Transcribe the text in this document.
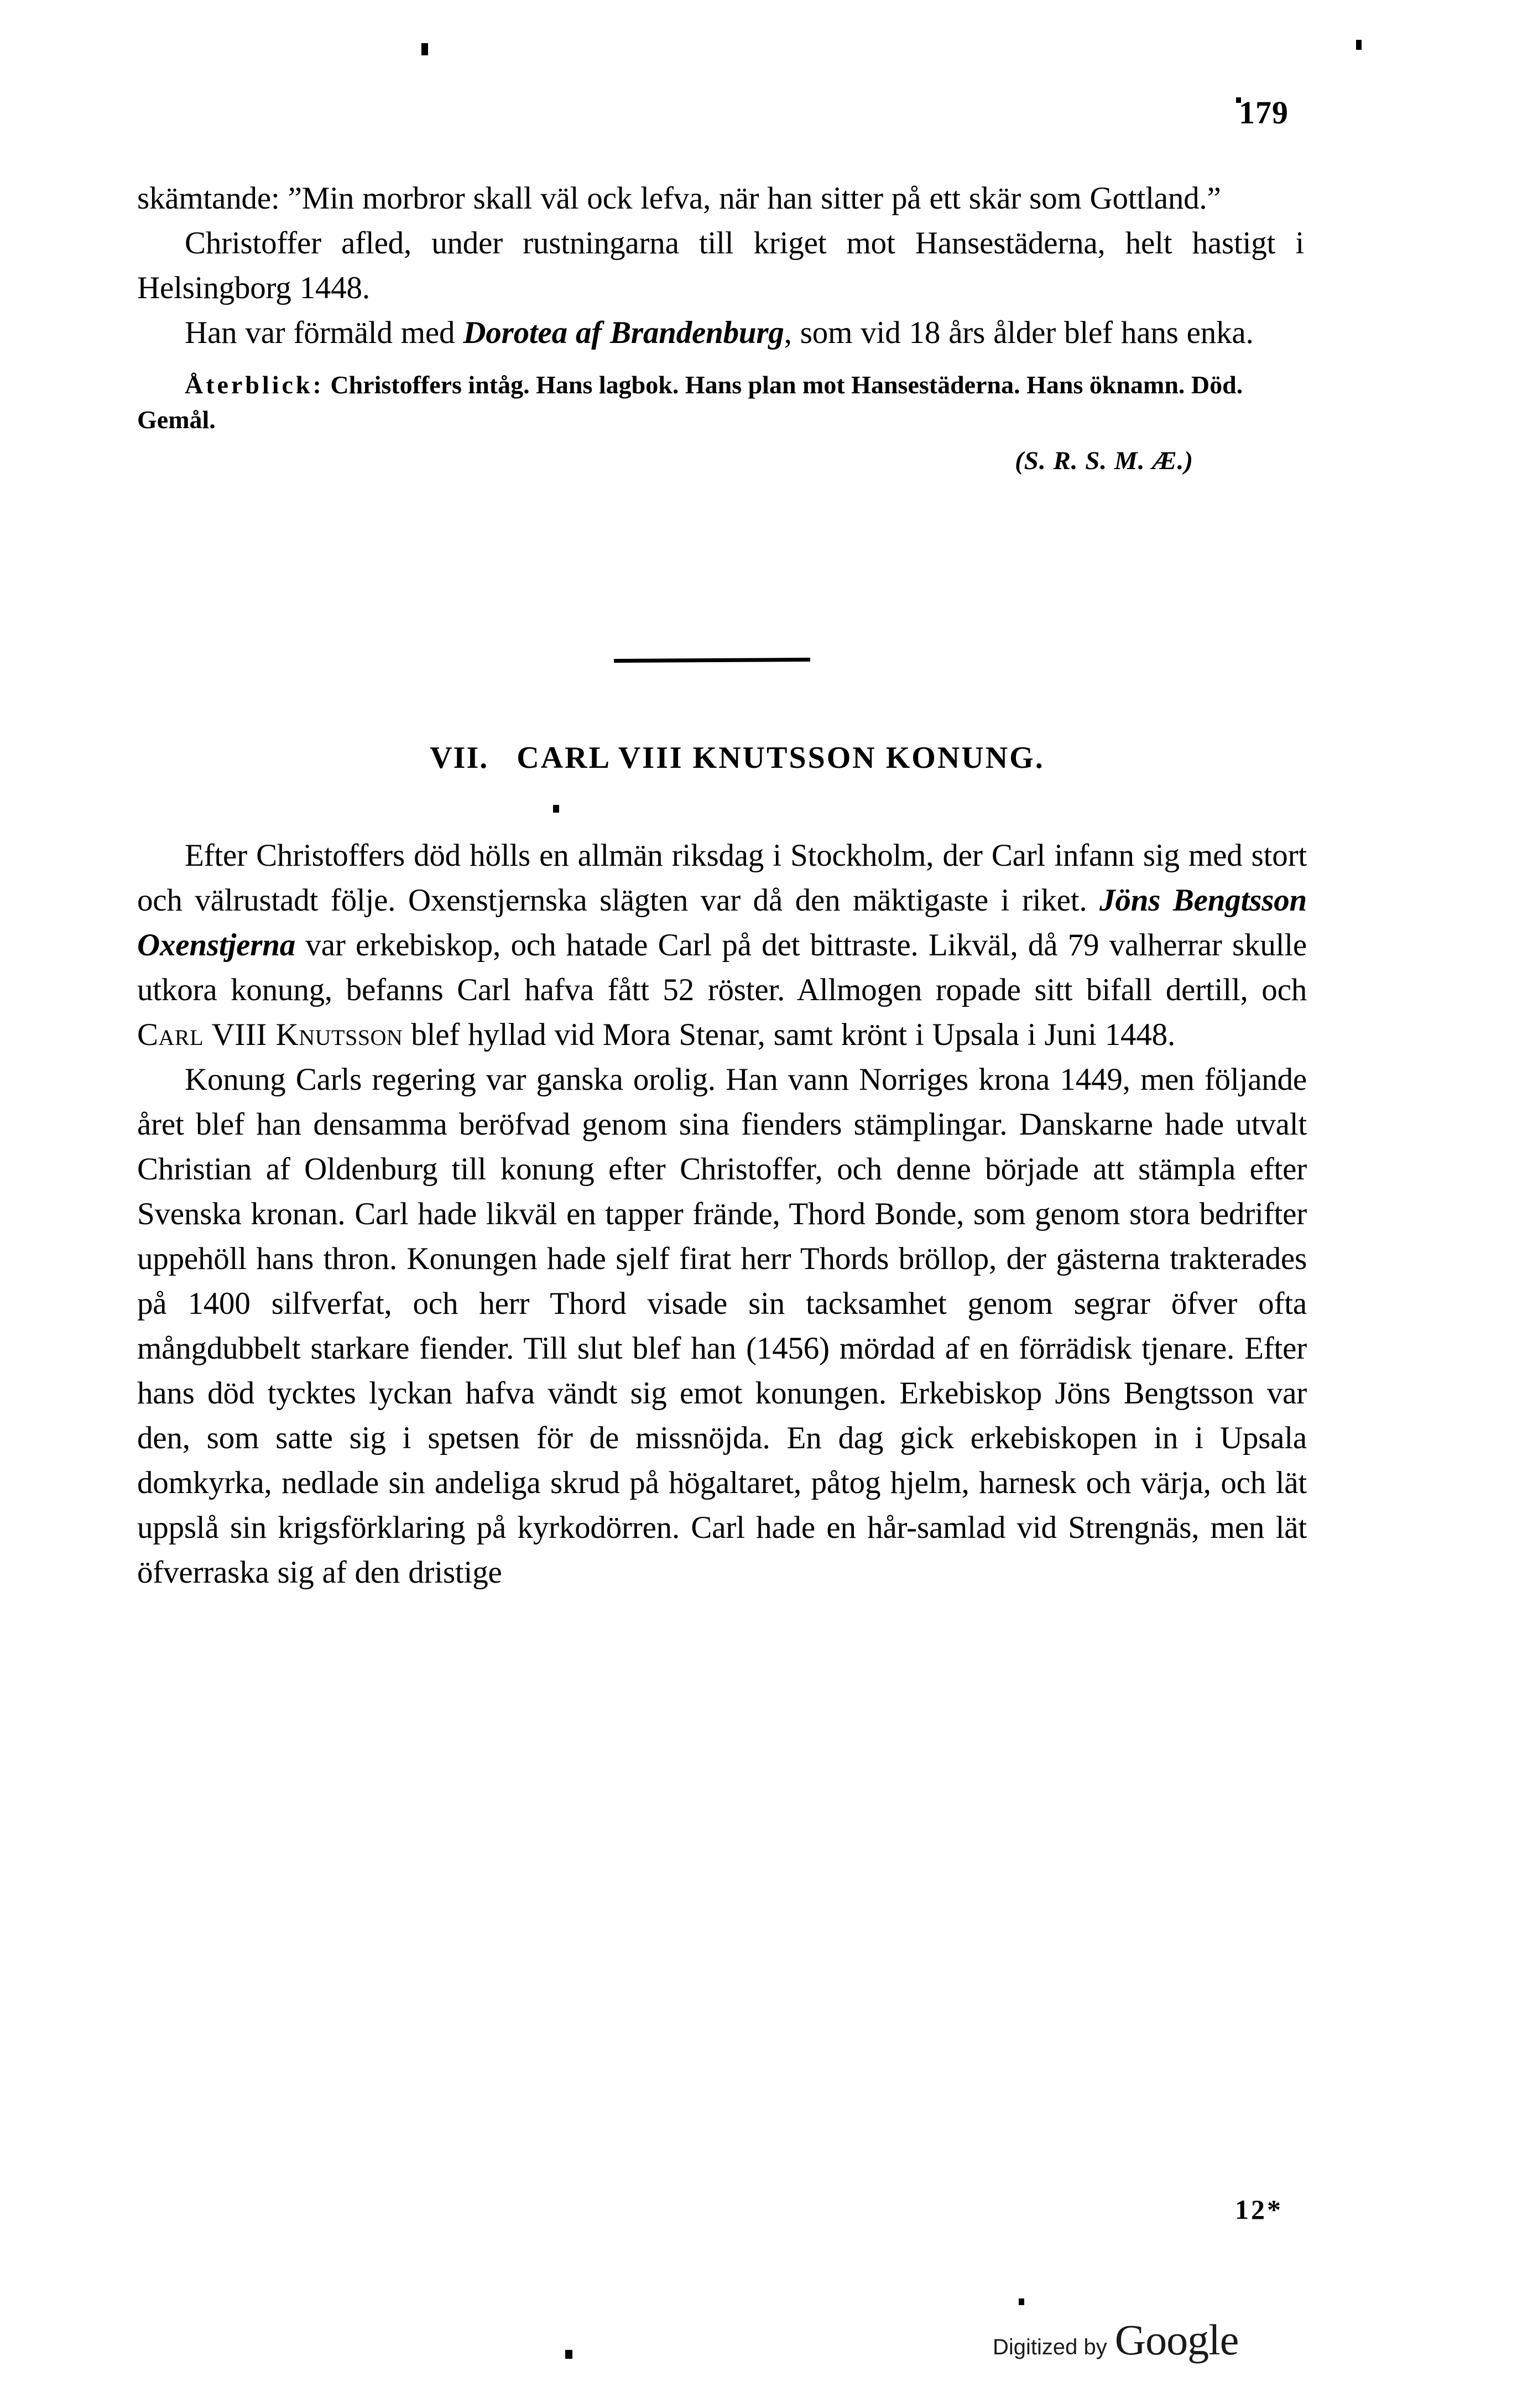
179

skämtande: ”Min morbror skall väl ock lefva, när han sitter på ett skär som Gottland.”

Christoffer afled, under rustningarna till kriget mot Hansestäderna, helt hastigt i Helsingborg 1448.

Han var förmäld med Dorotea af Brandenburg, som vid 18 års ålder blef hans enka.

Återblick: Christoffers intåg. Hans lagbok. Hans plan mot Hansestäderna. Hans öknamn. Död. Gemål.

(S. R. S. M. Æ.)

VII. CARL VIII KNUTSSON KONUNG.

Efter Christoffers död hölls en allmän riksdag i Stockholm, der Carl infann sig med stort och välrustadt följe. Oxenstjernska slägten var då den mäktigaste i riket. Jöns Bengtsson Oxenstjerna var erkebiskop, och hatade Carl på det bittraste. Likväl, då 79 valherrar skulle utkora konung, befanns Carl hafva fått 52 röster. Allmogen ropade sitt bifall dertill, och Carl VIII Knutsson blef hyllad vid Mora Stenar, samt krönt i Upsala i Juni 1448.

Konung Carls regering var ganska orolig. Han vann Norriges krona 1449, men följande året blef han densamma beröfvad genom sina fienders stämplingar. Danskarne hade utvalt Christian af Oldenburg till konung efter Christoffer, och denne började att stämpla efter Svenska kronan. Carl hade likväl en tapper frände, Thord Bonde, som genom stora bedrifter uppehöll hans thron. Konungen hade sjelf firat herr Thords bröllop, der gästerna trakterades på 1400 silfverfat, och herr Thord visade sin tacksamhet genom segrar öfver ofta mångdubbelt starkare fiender. Till slut blef han (1456) mördad af en förrädisk tjenare. Efter hans död tycktes lyckan hafva vändt sig emot konungen. Erkebiskop Jöns Bengtsson var den, som satte sig i spetsen för de missnöjda. En dag gick erkebiskopen in i Upsala domkyrka, nedlade sin andeliga skrud på högaltaret, påtog hjelm, harnesk och värja, och lät uppslå sin krigsförklaring på kyrkodörren. Carl hade en hår-samlad vid Strengnäs, men lät öfverraska sig af den dristige

12*
Digitized by Google
